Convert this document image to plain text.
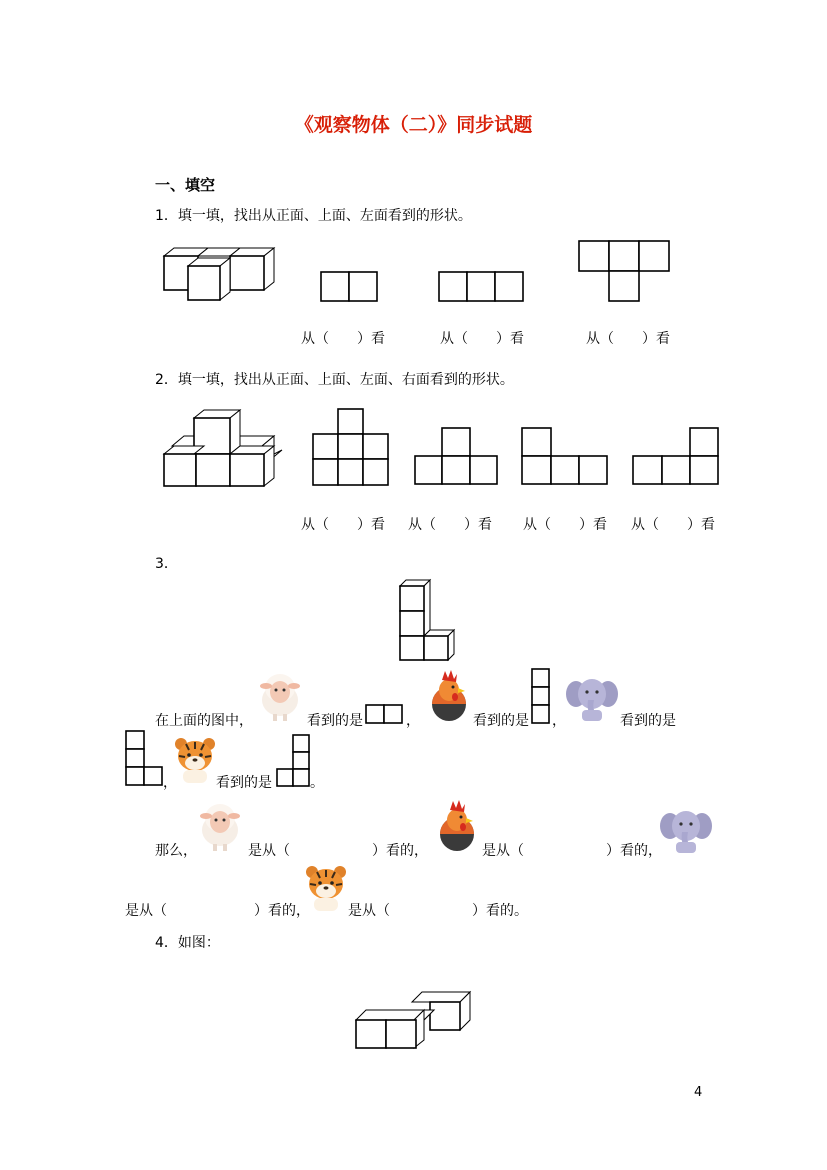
《观察物体（二）》同步试题
一、填空
1．填一填，找出从正面、上面、左面看到的形状。
从（　　）看	从（　　）看	从（　　）看
2．填一填，找出从正面、上面、左面、右面看到的形状。
从（　　）看 从（　　）看 从（　　）看 从（　　）看
3．
在上面的图中，	看到的是	，	看到的是 ，	看到的是
，	看到的是	。
那么，	是从（	）看的，	是从（	）看的，
是从（	）看的，	是从（	）看的。
4．如图：
4
